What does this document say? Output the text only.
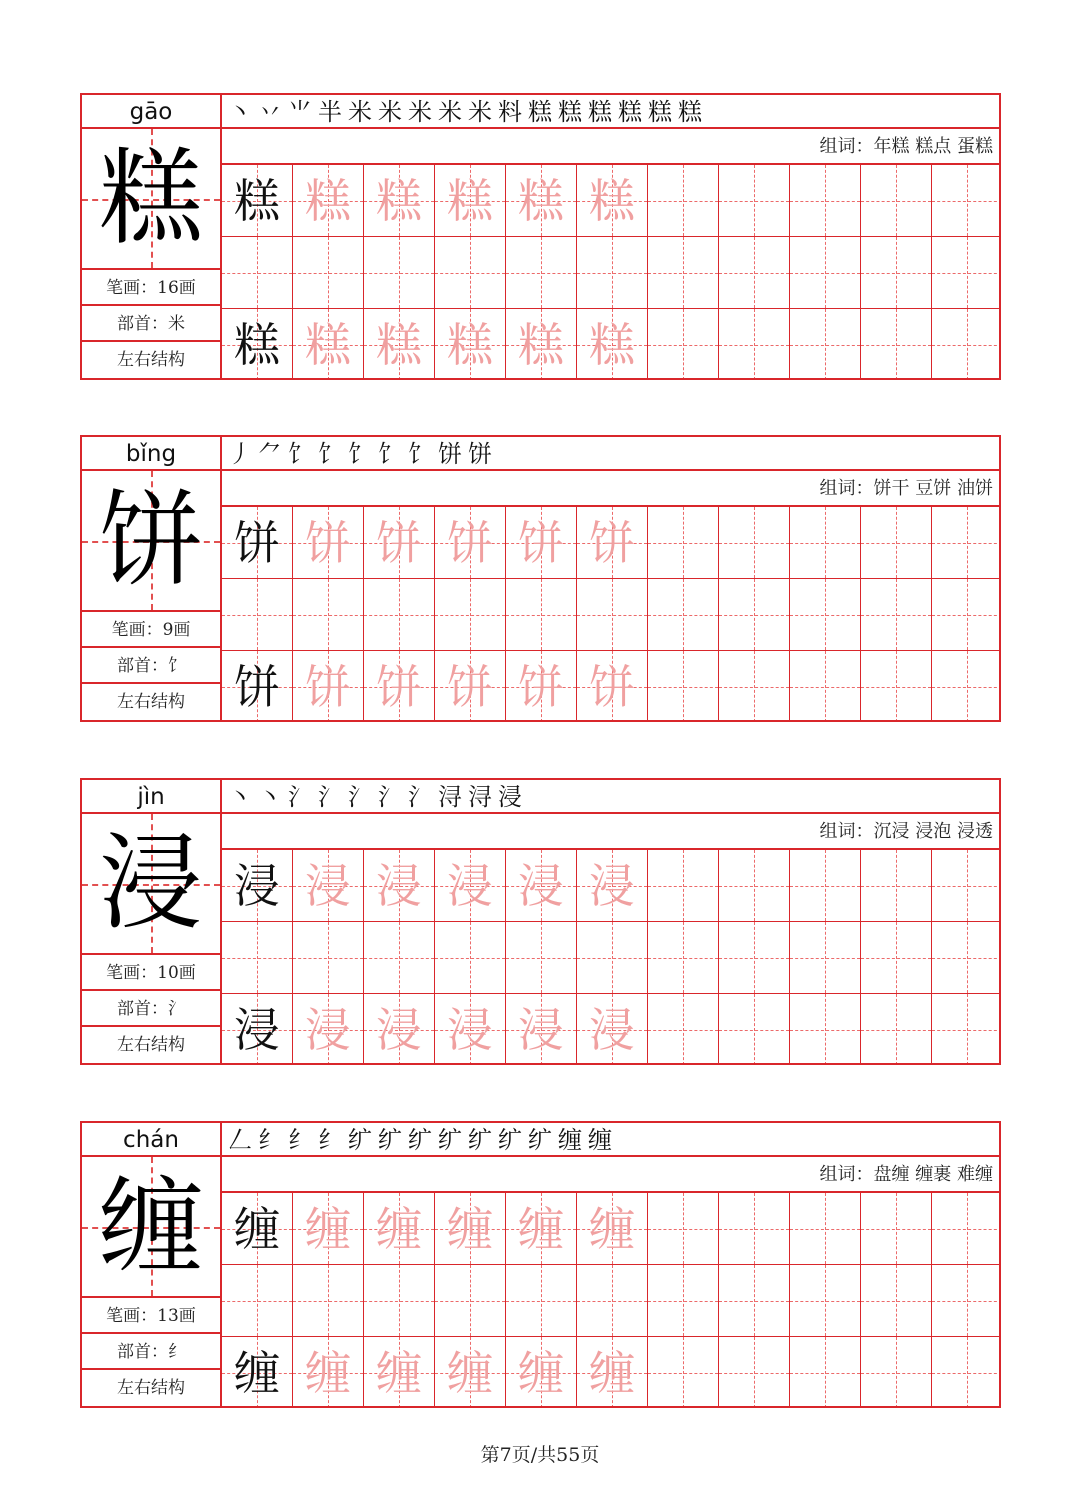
gāo
糕
笔画：16画
部首：米
左右结构
丶 丷 ⺌ 半 米 米 米 米 米 料 糕 糕 糕 糕 糕 糕
组词：年糕 糕点 蛋糕
糕 糕 糕 糕 糕 糕
糕 糕 糕 糕 糕 糕
bǐng
饼
笔画：9画
部首：饣
左右结构
丿 ⺈ 饣 饣 饣 饣 饣 饼 饼
组词：饼干 豆饼 油饼
饼 饼 饼 饼 饼 饼
饼 饼 饼 饼 饼 饼
jìn
浸
笔画：10画
部首：氵
左右结构
丶 丶 氵 氵 氵 氵 氵 浔 浔 浸
组词：沉浸 浸泡 浸透
浸 浸 浸 浸 浸 浸
浸 浸 浸 浸 浸 浸
chán
缠
笔画：13画
部首：纟
左右结构
𠃋 纟 纟 纟 纩 纩 纩 纩 纩 纩 纩 缠 缠
组词：盘缠 缠裹 难缠
缠 缠 缠 缠 缠 缠
缠 缠 缠 缠 缠 缠
第7页/共55页
